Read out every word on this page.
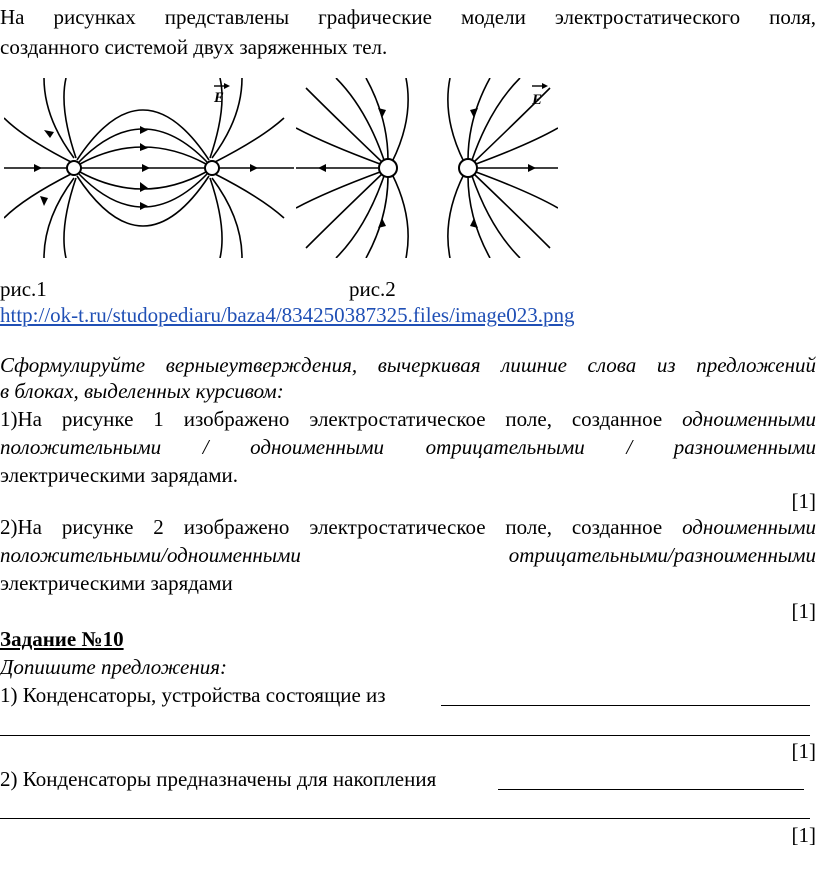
На рисунках представлены графические модели электростатического поля,
созданного системой двух заряженных тел.
E	E
рис.1	рис.2
http://ok-t.ru/studopediaru/baza4/834250387325.files/image023.png
Сформулируйте верныеутверждения, вычеркивая лишние слова из предложений
в блоках, выделенных курсивом:
1)На рисунке 1 изображено электростатическое поле, созданное одноименными
положительными / одноименными отрицательными / разноименными
электрическими зарядами.
[1]
2)На рисунке 2 изображено электростатическое поле, созданное одноименными
положительными/одноименными	отрицательными/разноименными
электрическими зарядами
[1]
Задание №10
Допишите предложения:
1) Конденсаторы, устройства состоящие из
[1]
2) Конденсаторы предназначены для накопления
[1]
